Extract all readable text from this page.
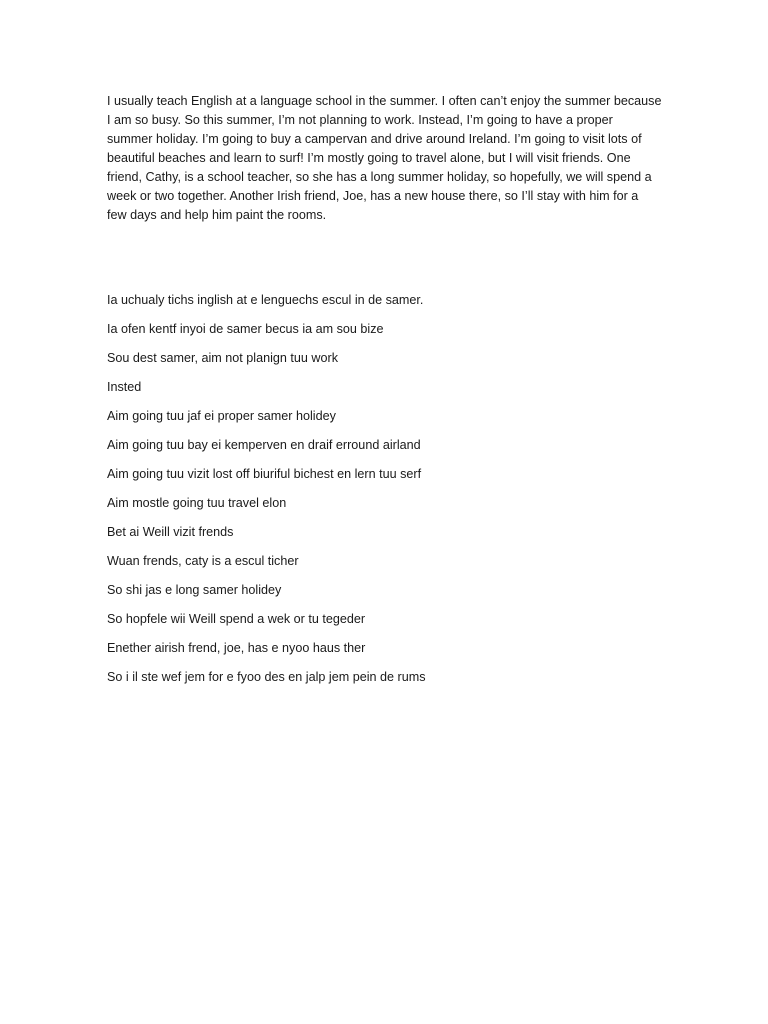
I usually teach English at a language school in the summer. I often can’t enjoy the summer because
I am so busy. So this summer, I’m not planning to work. Instead, I’m going to have a proper
summer holiday. I’m going to buy a campervan and drive around Ireland. I’m going to visit lots of
beautiful beaches and learn to surf! I’m mostly going to travel alone, but I will visit friends. One
friend, Cathy, is a school teacher, so she has a long summer holiday, so hopefully, we will spend a
week or two together. Another Irish friend, Joe, has a new house there, so I’ll stay with him for a
few days and help him paint the rooms.

Ia uchualy tichs inglish at e lenguechs escul in de samer.
Ia ofen kentf inyoi de samer becus ia am sou bize
Sou dest samer, aim not planign tuu work
Insted
Aim going tuu jaf ei proper samer holidey
Aim going tuu bay ei kemperven en draif erround airland
Aim going tuu vizit lost off biuriful bichest en lern tuu serf
Aim mostle going tuu travel elon
Bet ai Weill vizit frends
Wuan frends, caty is a escul ticher
So shi jas e long samer holidey
So hopfele wii Weill spend a wek or tu tegeder
Enether airish frend, joe, has e nyoo haus ther
So i il ste wef jem for e fyoo des en jalp jem pein de rums
